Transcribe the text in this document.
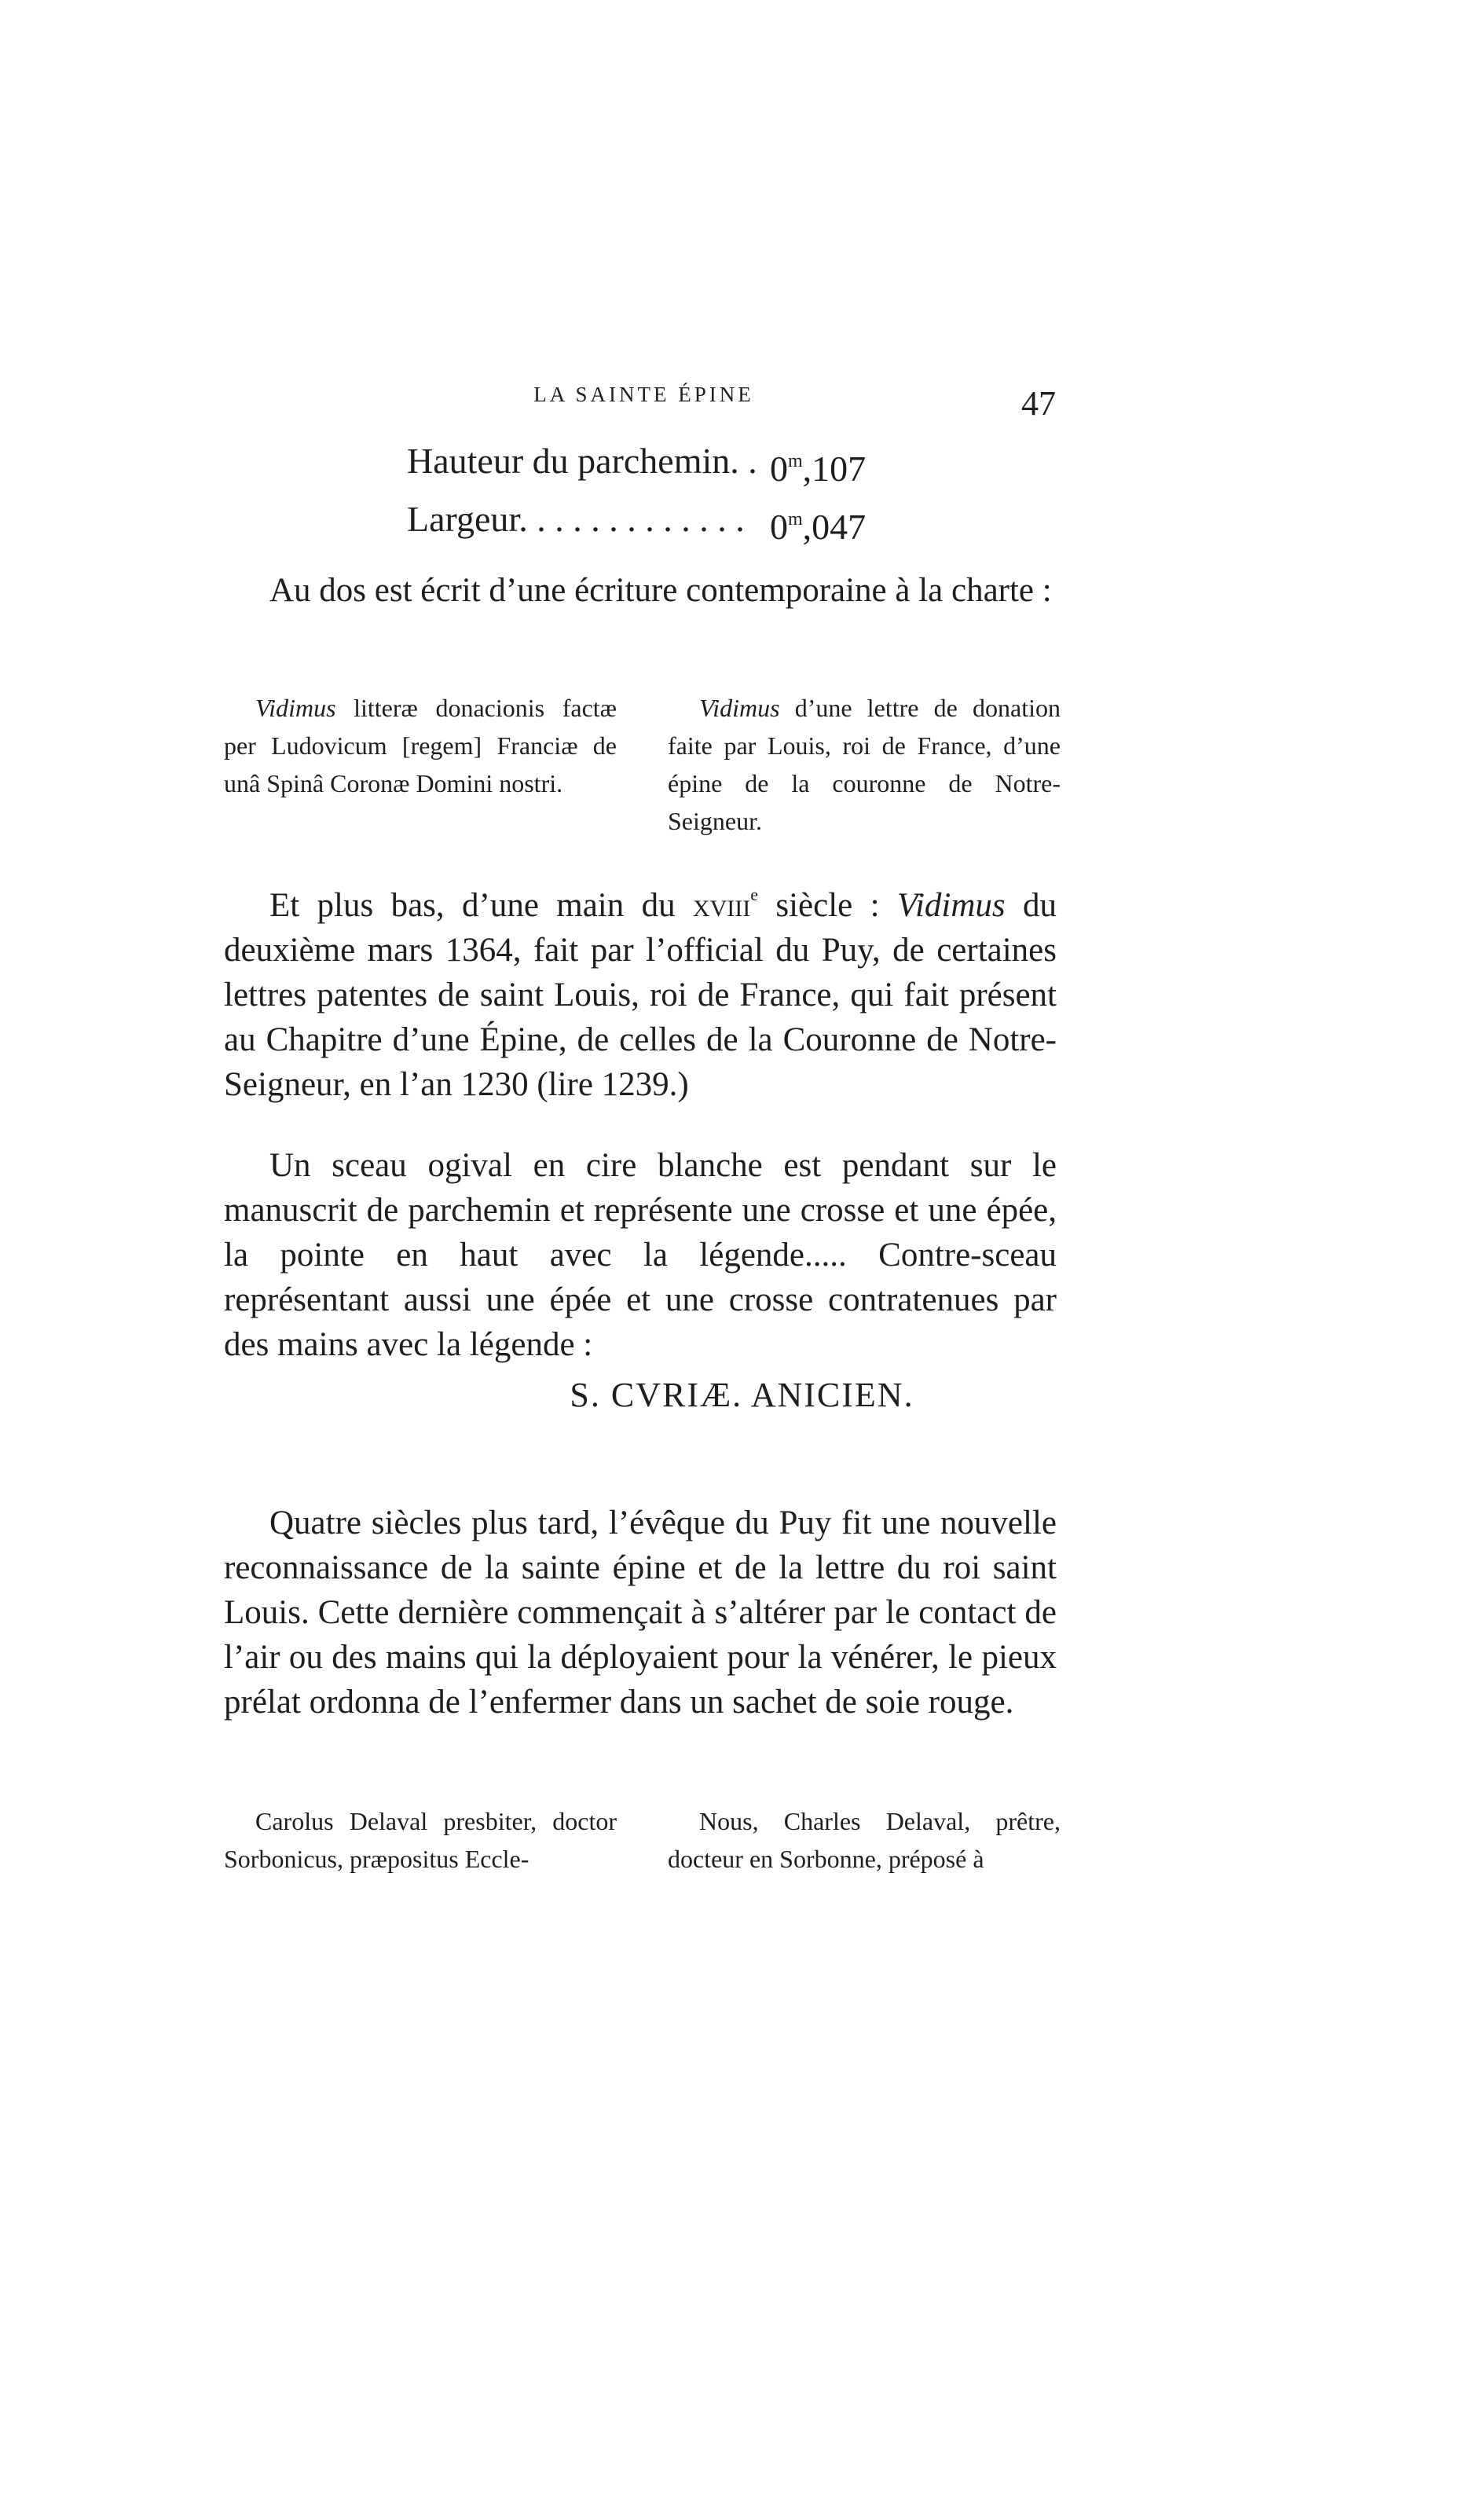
LA SAINTE ÉPINE	47
Hauteur du parchemin. . 0$^m$,107
Largeur. . . . . . . . . . . . . 0$^m$,047

Au dos est écrit d’une écriture contemporaine à la charte :

Vidimus litteræ donacionis factæ per Ludovicum [regem] Franciæ de unâ Spinâ Coronæ Domini nostri.

Vidimus d’une lettre de donation faite par Louis, roi de France, d’une épine de la couronne de Notre-Seigneur.

Et plus bas, d’une main du xviii$^e$ siècle : Vidimus du deuxième mars 1364, fait par l’official du Puy, de certaines lettres patentes de saint Louis, roi de France, qui fait présent au Chapitre d’une Épine, de celles de la Couronne de Notre-Seigneur, en l’an 1230 (lire 1239.)

Un sceau ogival en cire blanche est pendant sur le manuscrit de parchemin et représente une crosse et une épée, la pointe en haut avec la légende..... Contre-sceau représentant aussi une épée et une crosse contratenues par des mains avec la légende :

S. CVRIÆ. ANICIEN.

Quatre siècles plus tard, l’évêque du Puy fit une nouvelle reconnaissance de la sainte épine et de la lettre du roi saint Louis. Cette dernière commençait à s’altérer par le contact de l’air ou des mains qui la déployaient pour la vénérer, le pieux prélat ordonna de l’enfermer dans un sachet de soie rouge.

Carolus Delaval presbiter, doctor Sorbonicus, præpositus Eccle-

Nous, Charles Delaval, prêtre, docteur en Sorbonne, préposé à
